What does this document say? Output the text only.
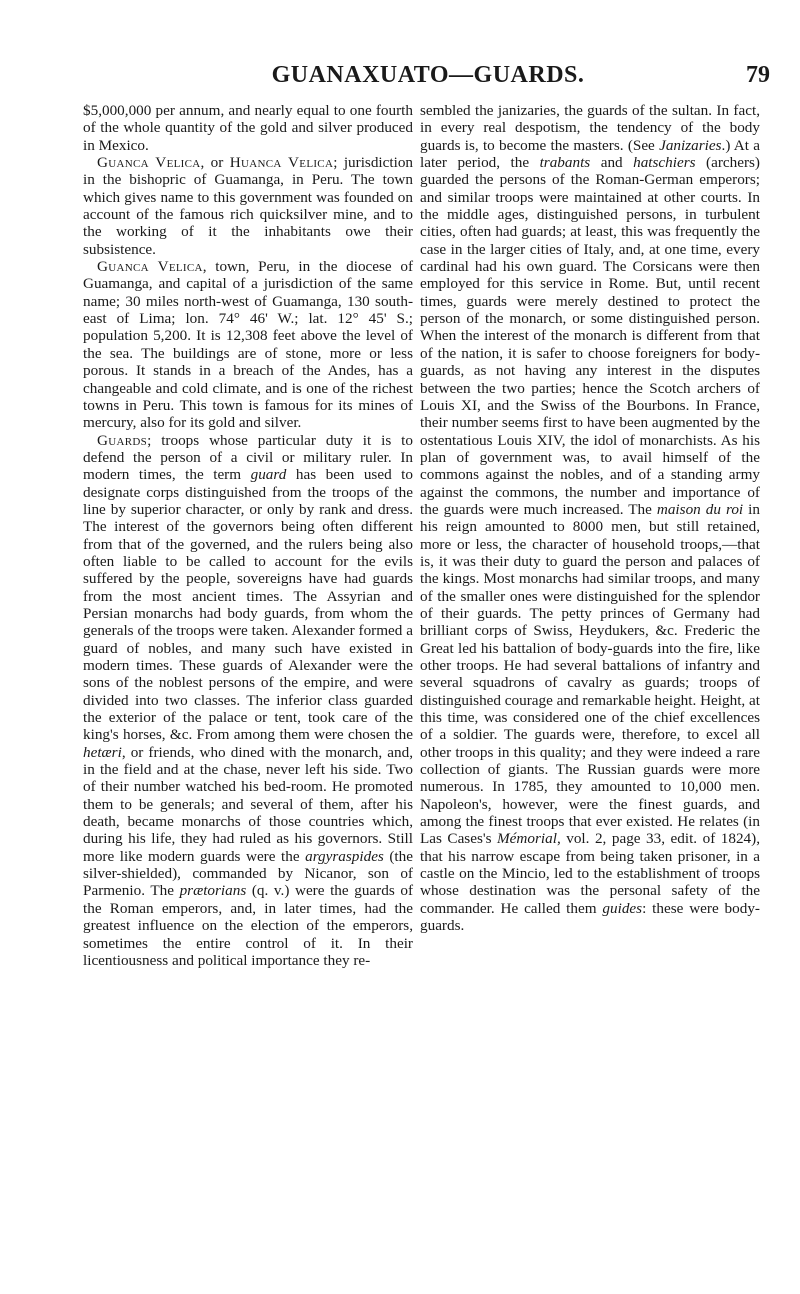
GUANAXUATO—GUARDS.	79

$5,000,000 per annum, and nearly equal to one fourth of the whole quantity of the gold and silver produced in Mexico.

Guanca Velica, or Huanca Velica; jurisdiction in the bishopric of Guamanga, in Peru. The town which gives name to this government was founded on account of the famous rich quicksilver mine, and to the working of it the inhabitants owe their subsistence.

Guanca Velica, town, Peru, in the diocese of Guamanga, and capital of a jurisdiction of the same name; 30 miles north-west of Guamanga, 130 south-east of Lima; lon. 74° 46' W.; lat. 12° 45' S.; population 5,200. It is 12,308 feet above the level of the sea. The buildings are of stone, more or less porous. It stands in a breach of the Andes, has a changeable and cold climate, and is one of the richest towns in Peru. This town is famous for its mines of mercury, also for its gold and silver.

Guards; troops whose particular duty it is to defend the person of a civil or military ruler. In modern times, the term guard has been used to designate corps distinguished from the troops of the line by superior character, or only by rank and dress. The interest of the governors being often different from that of the governed, and the rulers being also often liable to be called to account for the evils suffered by the people, sovereigns have had guards from the most ancient times. The Assyrian and Persian monarchs had body guards, from whom the generals of the troops were taken. Alexander formed a guard of nobles, and many such have existed in modern times. These guards of Alexander were the sons of the noblest persons of the empire, and were divided into two classes. The inferior class guarded the exterior of the palace or tent, took care of the king's horses, &c. From among them were chosen the hetæri, or friends, who dined with the monarch, and, in the field and at the chase, never left his side. Two of their number watched his bed-room. He promoted them to be generals; and several of them, after his death, became monarchs of those countries which, during his life, they had ruled as his governors. Still more like modern guards were the argyraspides (the silver-shielded), commanded by Nicanor, son of Parmenio. The prætorians (q. v.) were the guards of the Roman emperors, and, in later times, had the greatest influence on the election of the emperors, sometimes the entire control of it. In their licentiousness and political importance they re-

sembled the janizaries, the guards of the sultan. In fact, in every real despotism, the tendency of the body guards is, to become the masters. (See Janizaries.) At a later period, the trabants and hatschiers (archers) guarded the persons of the Roman-German emperors; and similar troops were maintained at other courts. In the middle ages, distinguished persons, in turbulent cities, often had guards; at least, this was frequently the case in the larger cities of Italy, and, at one time, every cardinal had his own guard. The Corsicans were then employed for this service in Rome. But, until recent times, guards were merely destined to protect the person of the monarch, or some distinguished person. When the interest of the monarch is different from that of the nation, it is safer to choose foreigners for body-guards, as not having any interest in the disputes between the two parties; hence the Scotch archers of Louis XI, and the Swiss of the Bourbons. In France, their number seems first to have been augmented by the ostentatious Louis XIV, the idol of monarchists. As his plan of government was, to avail himself of the commons against the nobles, and of a standing army against the commons, the number and importance of the guards were much increased. The maison du roi in his reign amounted to 8000 men, but still retained, more or less, the character of household troops,—that is, it was their duty to guard the person and palaces of the kings. Most monarchs had similar troops, and many of the smaller ones were distinguished for the splendor of their guards. The petty princes of Germany had brilliant corps of Swiss, Heydukers, &c. Frederic the Great led his battalion of body-guards into the fire, like other troops. He had several battalions of infantry and several squadrons of cavalry as guards; troops of distinguished courage and remarkable height. Height, at this time, was considered one of the chief excellences of a soldier. The guards were, therefore, to excel all other troops in this quality; and they were indeed a rare collection of giants. The Russian guards were more numerous. In 1785, they amounted to 10,000 men. Napoleon's, however, were the finest guards, and among the finest troops that ever existed. He relates (in Las Cases's Mémorial, vol. 2, page 33, edit. of 1824), that his narrow escape from being taken prisoner, in a castle on the Mincio, led to the establishment of troops whose destination was the personal safety of the commander. He called them guides: these were body-guards.
